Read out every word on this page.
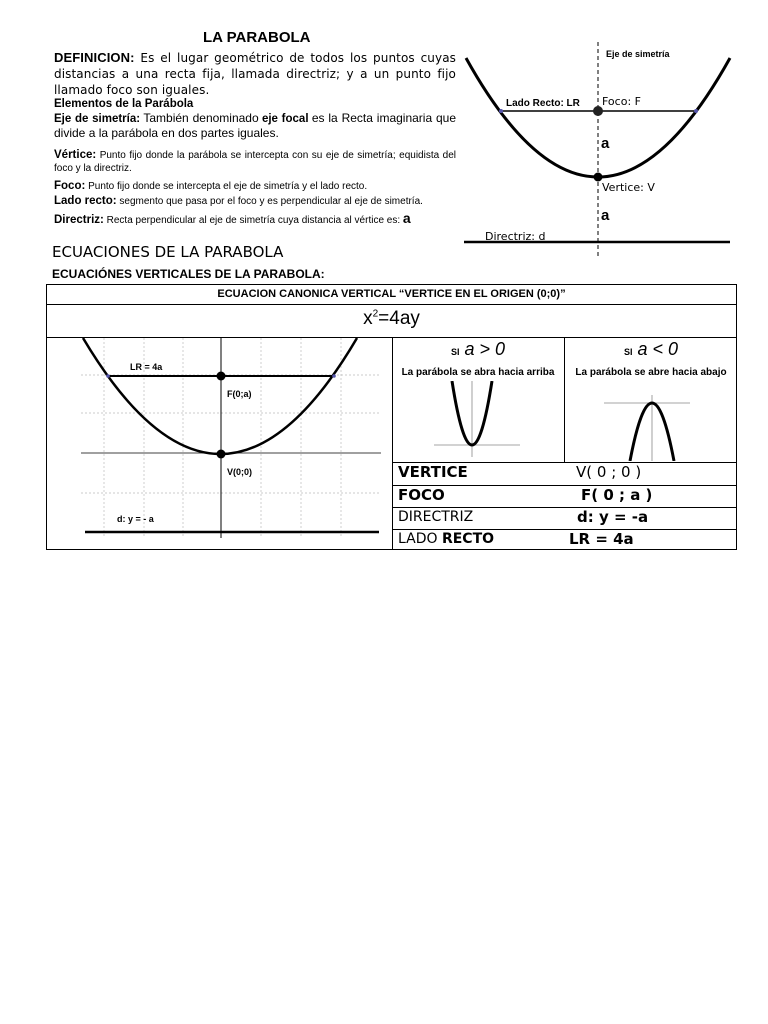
LA PARABOLA
DEFINICION: Es el lugar geométrico de todos los puntos cuyas distancias a una recta fija, llamada directriz; y a un punto fijo llamado foco son iguales.
Elementos de la Parábola
Eje de simetría: También denominado eje focal es la Recta imaginaria que divide a la parábola en dos partes iguales.
Vértice: Punto fijo donde la parábola se intercepta con su eje de simetría; equidista del foco y la directriz.
Foco: Punto fijo donde se intercepta el eje de simetría y el lado recto.
Lado recto: segmento que pasa por el foco y es perpendicular al eje de simetría.
Directriz: Recta perpendicular al eje de simetría cuya distancia al vértice es: a
Eje de simetría
Lado Recto: LR Foco: F
a
Vertice: V
a
Directriz: d
ECUACIONES DE LA PARABOLA
ECUACIÓNES VERTICALES DE LA PARABOLA:
ECUACION CANONICA VERTICAL “VERTICE EN EL ORIGEN (0;0)”
$x^2=4ay$
LR = 4a
F(0;a)
V(0;0)
d: y = - a
SI a > 0
La parábola se abra hacia arriba
SI a < 0
La parábola se abre hacia abajo
VERTICE	V( 0 ; 0 )
FOCO	F( 0 ; a )
DIRECTRIZ	d: y = -a
LADO RECTO	LR = 4a
